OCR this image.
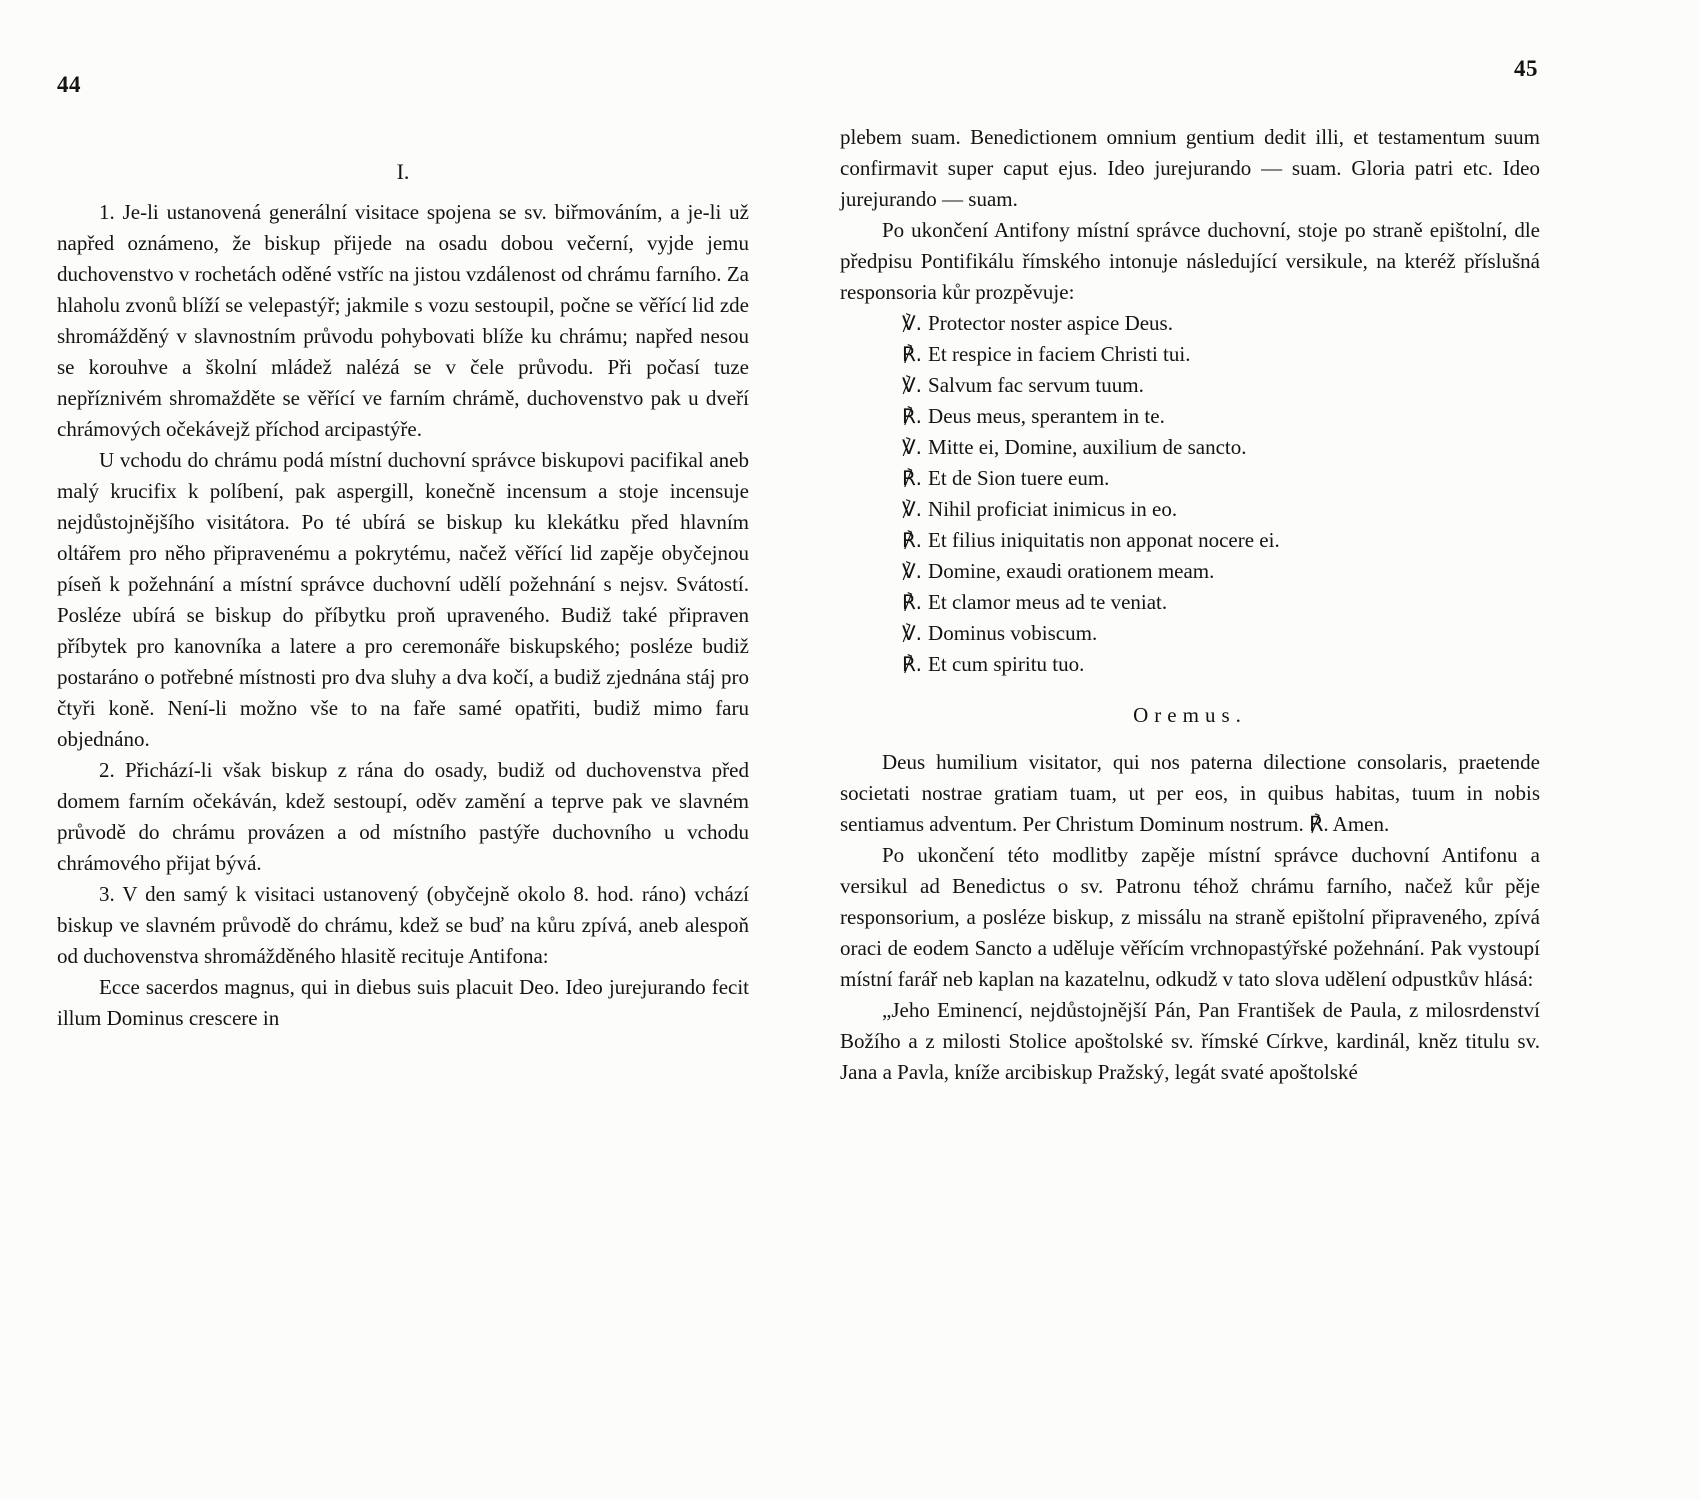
44
45
I.

1. Je-li ustanovená generální visitace spojena se sv. biřmováním, a je-li už napřed oznámeno, že biskup přijede na osadu dobou večerní, vyjde jemu duchovenstvo v rochetách oděné vstříc na jistou vzdálenost od chrámu farního. Za hlaholu zvonů blíží se velepastýř; jakmile s vozu sestoupil, počne se věřící lid zde shromážděný v slavnostním průvodu pohybovati blíže ku chrámu; napřed nesou se korouhve a školní mládež nalézá se v čele průvodu. Při počasí tuze nepříznivém shromažděte se věřící ve farním chrámě, duchovenstvo pak u dveří chrámových očekávejž příchod arcipastýře.

U vchodu do chrámu podá místní duchovní správce biskupovi pacifikal aneb malý krucifix k políbení, pak aspergill, konečně incensum a stoje incensuje nejdůstojnějšího visitátora. Po té ubírá se biskup ku klekátku před hlavním oltářem pro něho připravenému a pokrytému, načež věřící lid zapěje obyčejnou píseň k požehnání a místní správce duchovní udělí požehnání s nejsv. Svátostí. Posléze ubírá se biskup do příbytku proň upraveného. Budiž také připraven příbytek pro kanovníka a latere a pro ceremonáře biskupského; posléze budiž postaráno o potřebné místnosti pro dva sluhy a dva kočí, a budiž zjednána stáj pro čtyři koně. Není-li možno vše to na faře samé opatřiti, budiž mimo faru objednáno.

2. Přichází-li však biskup z rána do osady, budiž od duchovenstva před domem farním očekáván, kdež sestoupí, oděv zamění a teprve pak ve slavném průvodě do chrámu provázen a od místního pastýře duchovního u vchodu chrámového přijat bývá.

3. V den samý k visitaci ustanovený (obyčejně okolo 8. hod. ráno) vchází biskup ve slavném průvodě do chrámu, kdež se buď na kůru zpívá, aneb alespoň od duchovenstva shromážděného hlasitě recituje Antifona:

Ecce sacerdos magnus, qui in diebus suis placuit Deo. Ideo jurejurando fecit illum Dominus crescere in

plebem suam. Benedictionem omnium gentium dedit illi, et testamentum suum confirmavit super caput ejus. Ideo jurejurando — suam. Gloria patri etc. Ideo jurejurando — suam.

Po ukončení Antifony místní správce duchovní, stoje po straně epištolní, dle předpisu Pontifikálu římského intonuje následující versikule, na kteréž příslušná responsoria kůr prozpěvuje:

℣. Protector noster aspice Deus.
℟. Et respice in faciem Christi tui.
℣. Salvum fac servum tuum.
℟. Deus meus, sperantem in te.
℣. Mitte ei, Domine, auxilium de sancto.
℟. Et de Sion tuere eum.
℣. Nihil proficiat inimicus in eo.
℟. Et filius iniquitatis non apponat nocere ei.
℣. Domine, exaudi orationem meam.
℟. Et clamor meus ad te veniat.
℣. Dominus vobiscum.
℟. Et cum spiritu tuo.
Oremus.

Deus humilium visitator, qui nos paterna dilectione consolaris, praetende societati nostrae gratiam tuam, ut per eos, in quibus habitas, tuum in nobis sentiamus adventum. Per Christum Dominum nostrum. ℟. Amen.

Po ukončení této modlitby zapěje místní správce duchovní Antifonu a versikul ad Benedictus o sv. Patronu téhož chrámu farního, načež kůr pěje responsorium, a posléze biskup, z missálu na straně epištolní připraveného, zpívá oraci de eodem Sancto a uděluje věřícím vrchnopastýřské požehnání. Pak vystoupí místní farář neb kaplan na kazatelnu, odkudž v tato slova udělení odpustkův hlásá:

„Jeho Eminencí, nejdůstojnější Pán, Pan František de Paula, z milosrdenství Božího a z milosti Stolice apoštolské sv. římské Církve, kardinál, kněz titulu sv. Jana a Pavla, kníže arcibiskup Pražský, legát svaté apoštolské
